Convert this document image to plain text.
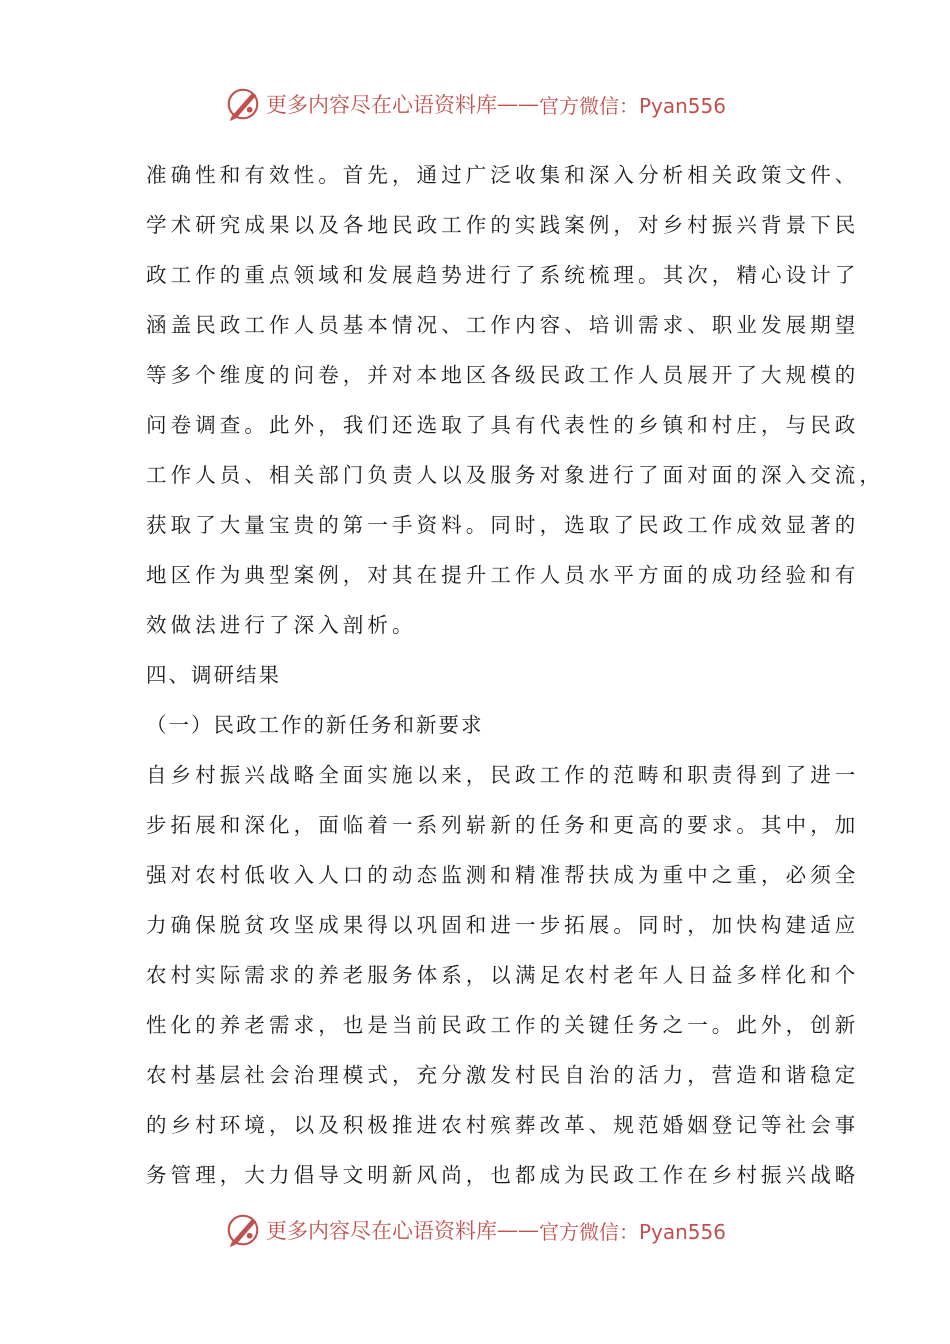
更多内容尽在心语资料库 —— 官方微信：Pyan556
准确性和有效性。首先，通过广泛收集和深入分析相关政策文件、
学术研究成果以及各地民政工作的实践案例，对乡村振兴背景下民
政工作的重点领域和发展趋势进行了系统梳理。其次，精心设计了
涵盖民政工作人员基本情况、工作内容、培训需求、职业发展期望
等多个维度的问卷，并对本地区各级民政工作人员展开了大规模的
问卷调查。此外，我们还选取了具有代表性的乡镇和村庄，与民政
工作人员、相关部门负责人以及服务对象进行了面对面的深入交流，
获取了大量宝贵的第一手资料。同时，选取了民政工作成效显著的
地区作为典型案例，对其在提升工作人员水平方面的成功经验和有
效做法进行了深入剖析。
四、调研结果
（一）民政工作的新任务和新要求
自乡村振兴战略全面实施以来，民政工作的范畴和职责得到了进一
步拓展和深化，面临着一系列崭新的任务和更高的要求。其中，加
强对农村低收入人口的动态监测和精准帮扶成为重中之重，必须全
力确保脱贫攻坚成果得以巩固和进一步拓展。同时，加快构建适应
农村实际需求的养老服务体系，以满足农村老年人日益多样化和个
性化的养老需求，也是当前民政工作的关键任务之一。此外，创新
农村基层社会治理模式，充分激发村民自治的活力，营造和谐稳定
的乡村环境，以及积极推进农村殡葬改革、规范婚姻登记等社会事
务管理，大力倡导文明新风尚，也都成为民政工作在乡村振兴战略
更多内容尽在心语资料库 —— 官方微信：Pyan556
